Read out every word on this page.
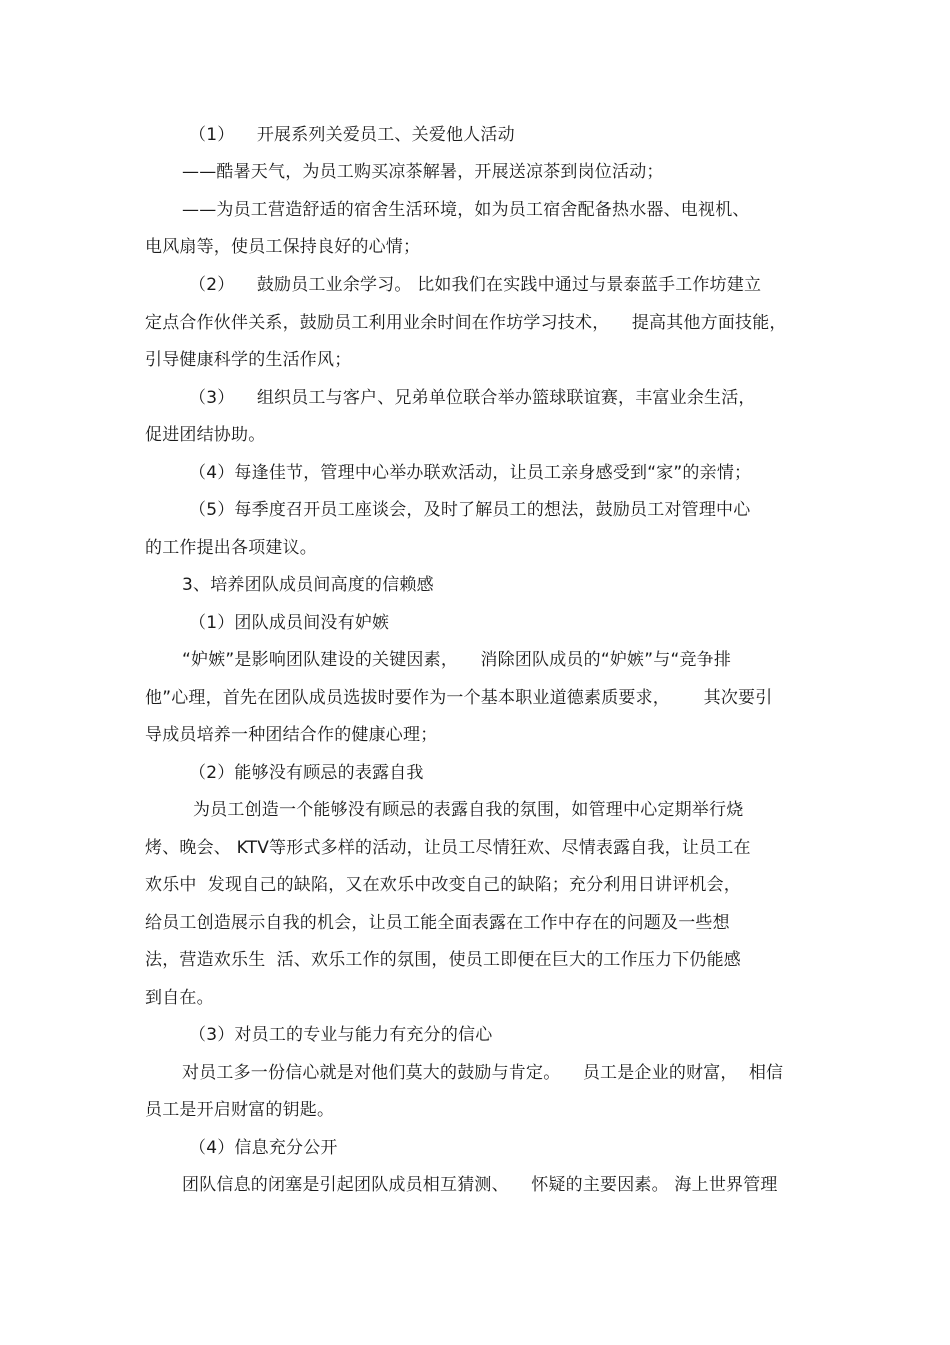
（1）    开展系列关爱员工、关爱他人活动

——酷暑天气，为员工购买凉茶解暑，开展送凉茶到岗位活动；

——为员工营造舒适的宿舍生活环境，如为员工宿舍配备热水器、电视机、

电风扇等，使员工保持良好的心情；

（2）    鼓励员工业余学习。 比如我们在实践中通过与景泰蓝手工作坊建立

定点合作伙伴关系，鼓励员工利用业余时间在作坊学习技术，    提高其他方面技能，

引导健康科学的生活作风；

（3）    组织员工与客户、兄弟单位联合举办篮球联谊赛，丰富业余生活，

促进团结协助。

（4）每逢佳节，管理中心举办联欢活动，让员工亲身感受到“家”的亲情；

（5）每季度召开员工座谈会，及时了解员工的想法，鼓励员工对管理中心

的工作提出各项建议。

3、培养团队成员间高度的信赖感

（1）团队成员间没有妒嫉

“妒嫉”是影响团队建设的关键因素，    消除团队成员的“妒嫉”与“竞争排

他”心理，首先在团队成员选拔时要作为一个基本职业道德素质要求，      其次要引

导成员培养一种团结合作的健康心理；

（2）能够没有顾忌的表露自我

为员工创造一个能够没有顾忌的表露自我的氛围，如管理中心定期举行烧

烤、晚会、 KTV等形式多样的活动，让员工尽情狂欢、尽情表露自我，让员工在

欢乐中  发现自己的缺陷，又在欢乐中改变自己的缺陷；充分利用日讲评机会，

给员工创造展示自我的机会，让员工能全面表露在工作中存在的问题及一些想

法，营造欢乐生  活、欢乐工作的氛围，使员工即便在巨大的工作压力下仍能感

到自在。

（3）对员工的专业与能力有充分的信心

对员工多一份信心就是对他们莫大的鼓励与肯定。    员工是企业的财富，  相信

员工是开启财富的钥匙。

（4）信息充分公开

团队信息的闭塞是引起团队成员相互猜测、    怀疑的主要因素。 海上世界管理
